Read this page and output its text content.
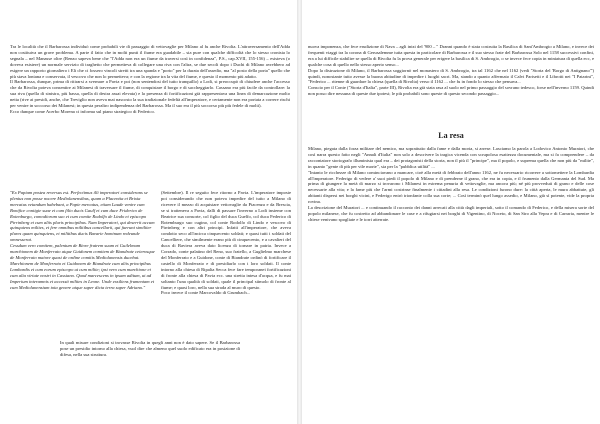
Tra le località che il Barbarossa individuò come probabili vie di passaggio di vettovaglie per Milano al fu anche Rivolta. L'attraversamento dell'Adda non costituiva un grave problema. A parte il fatto che in molti punti il fiume era guadabile – sia pure con qualche difficoltà che lo stesso cronista lo segnala – nel Manasse oltre (Renzo sapeva bene che "l'Adda non era un fiume da traversi così in confidenza", P.S., cap.XVII, 155-156) – esisteva (o doveva esistere) un normale servizio di traghetto che permetteva di collegare una riva con l'altra, se due secoli dopo i Duchi di Milano avrebbero ad esigere un rapporto giornaliero i Eli che ci fossero vincoli stretti tra una spanda e "porto" per la durata dell'assedio, ma "al posto della porta" quello che più stava lontana e conservata, il vescovo che non lo permetteva; e con la regione tra la vita del fiume, e questo il momento più adatto.
Il Barbarossa, dunque, prima di ritirarsi a svernare a Pavia e poi (non sentendosi del tutto tranquillo) a Lodi, si preoccupò di chiudere anche l'accesso che da Rivolta poteva consentire ai Milanesi di traversare il fiume, di conquistare il borgo e di saccheggiarlo. Cassano era più facile da controllare: la sua riva (quella di sinistra, più bassa, quella di destra assai elevata) e la presenza di fortificazioni già rappresentava una linea di demarcazione molto netta (rive ai presidi, anche, che Treviglio non aveva mai nascosto la sua tradizionale fedeltà all'imperatore, e certamente non era portata a correre rischi per venire in soccorso dei Milanesi; in questa peraltro indipendenza del Barbarossa. Ma il suo era il più soccorso più più fedele di molti).
Ecco dunque come Acerbo Morena ci informa sul piano strategico di Federico.

"Ex Papiam postea reversus est. Perfectimus illi imperatori considerans se plenius non posse nocere Mediolanensibus, quam a Placentia et Brixia mercatus vetandum habebant, a Papie mercatus, etiam Laude venire cum Bonifice contigie suae et cum filio ducis Gaulf et cum duce Friderico de Rotenburgo, comodiorum suo et cum comite Rodolfo de Lindo et episcopo Pirrinberg et cum aliis pluris principibus. Nam Imperatori, qui deserrit accum quinquiens milites, et fere omnibus militibus cancellarii, qui fuerunt similiter plures quam quinquiens, et militibus ducis Bavarie hominum redeunde omnesserat.
Cessdum vero comitem, palentum de Biore fratrem suum et Guilelmum marchionem de Monferrato atque Guidonem comitem de Biandrate ceterosque de Monferrato maiore quasi de ordine comitis Mediolanensis ducebat. Marchionem de Monferrato et Guidonem de Biandrate cum aliis principibus Lombardis et cum eorum episcopo ut cum milite; ipsi vero cum marchione et cum alia virtute nostri in Cassiano. Quod marcescens in ipsam aditum, ut ad Imperium interamnis et accessit milites in Leone. Unde exsiliens frumentam et cum Mediolanensium tota genere atque super dicta terra super Adriano."

(Settembre). Il re seguito fece ritorno a Pavia. L'imperatore imposte poi considerando che non poteva impedire del tutto a Milano di ricevere il mezzo di acquistare vettovaglie da Piacenza e da Brescia, se si tratteneva a Pavia, dalli di passare l'inverno a Lodi insieme con Beatrice sua consorte, col figlio del duca Guelfo, col duca Federico di Rotemburgo suo cugino, col conte Rodolfo di Lindo e vescovo di Pirrinberg e con altri principi. Infatti all'imperatore, che aveva condotto seco all'incirca cinquecento soldati; e quasi tutti i soldati del Cancelliere, che similmente erano più di cinquecento, e a cavalieri del duca di Baviera aveva dato licenza di tornare in patria. Invece a Corrado, conte palatino del Reno, suo fratello, a Guglielmo marchese del Monferrato e a Guidone, conte di Biandrate ordinò di fortificare il castello di Monferrato e di presidiarlo con i loro soldati. Il conte intorno alla chiesa di Ripalta Secca fece fare temporanei fortificazioni di fronte alla chiesa di Pavia ecc. una stretta intesa d'acqua, e fu mai soltanto l'una qualità di soldati, quale il principal stimolo di fronte al fiume; e quasi loro, nella sua strada al muro di questo.
Poco invece il conte Marcovaldo di Grumbach...

In quali misure condizioni si trovasse Rivolta in quegli anni non è dato sapere. Se il Barbarossa pose un presidio intorno alla chiesa, vuol dire che almeno quel suolo edificato era in posizione di difesa, nella sua struttura.

nuova imponenza, che fece erudizione di Nava – agli inizi del '900 – " Dranni quando è stata costruita la Basilica di Sant'Ambrogio a Milano, e invece dei frequenti viaggi tra la corona di Gerusalemme tutta questa in particolare di Barbarossa e il suo stesso frate del Barbarossa Solo nel 1158 successivi confini, era a lui difficile stabilire se quella di Rivolta fu la prova generale per erigere la basilica di S. Ambrogio, o se invece fece copia in miniatura di quella ecc, e qualche cosa di quello nello stesso aperto senso...
Dopo la distruzione di Milano, il Barbarossa soggiornò nel monastero di S. Ambrogio, tra tal 1162 che nel 1162 (vedi "Storia del 'Borgo di Antignano'") quindi, nonostante tutto avesse la buona abitudine di impedire i luoghi sacri. Ma, stando a quanto affermato il Calvi Parisetti e il Librotti nei "I Patarini", "Federico ... ritenne di guardare la chiesa (quella di Rivolta) verso il 1162 ... che fu in fondo lo stesso che pensava...
Conscio per il Conte ("Storia d'Italia", parte III), Rivolta era già stata rasa al suolo nel primo passaggio del sovrano tedesco, forse nell'inverno 1159. Quindi non posso dire nessuna di queste due ipotesi; le più probabili sono queste di questo secondo passaggio...

La resa

Milano, piegata dalla forza militare del nemico, ma soprattutto dalla fame e dalla moria, si arrese. Lasciamo la parola a Lodovico Antonio Muratori, che così narra questo fatto negli "Annali d'Italia" non solo a descrivere la tragica vicenda con scrupolosa esattezza documentale, ma si fa comprendere – da raccontatore storiografo illuminista qual era – dei protagonisti della storia, non il più il "principe", ma il popolo, e suprema quella che non più da "milite", in quanto "gente di più per vile morte", sia per la "pubblica utilità" ...
"Intanto le ricchezze di Milano cominciavano a mancare, cioè alla metà di febbraio dell'anno 1162, ne fu necessario ricorrere a sottomettere la Lombardia all'imperatore. Federigo di vedere a' suoi piedi il popolo di Milano e di prenderne il grano, che era in copia, e il frumento dalla Germania del Sud. Ma prima di giungere la metà di marzo si trovarono i Milanesi in estrema penuria di vettovaglie, ma ancora più; né più provveduti di grano e delle cose necessarie alla vita; e la fame più che l'armi costrinse finalmente i cittadini alla resa. Le condizioni furono dure: la città aperta, le mura abbattute, gli abitanti dispersi nei borghi vicini, e Federigo entrò trionfante colla sua corte; ... Così terminò quel lungo assedio, e Milano, già sì potente, vide la propria rovina.
La descrizione del Muratori ... e continuando il racconto dei danni arrecati alla città dagli imperiali, sotto il comando di Federico, e della misera sorte del popolo milanese, che fu costretto ad abbandonare le case e a rifugiarsi nei borghi di Vigentino, di Noceto, di San Siro alla Vepra e di Carraria, mentre le chiese venivano spogliate e le torri atterrate.
